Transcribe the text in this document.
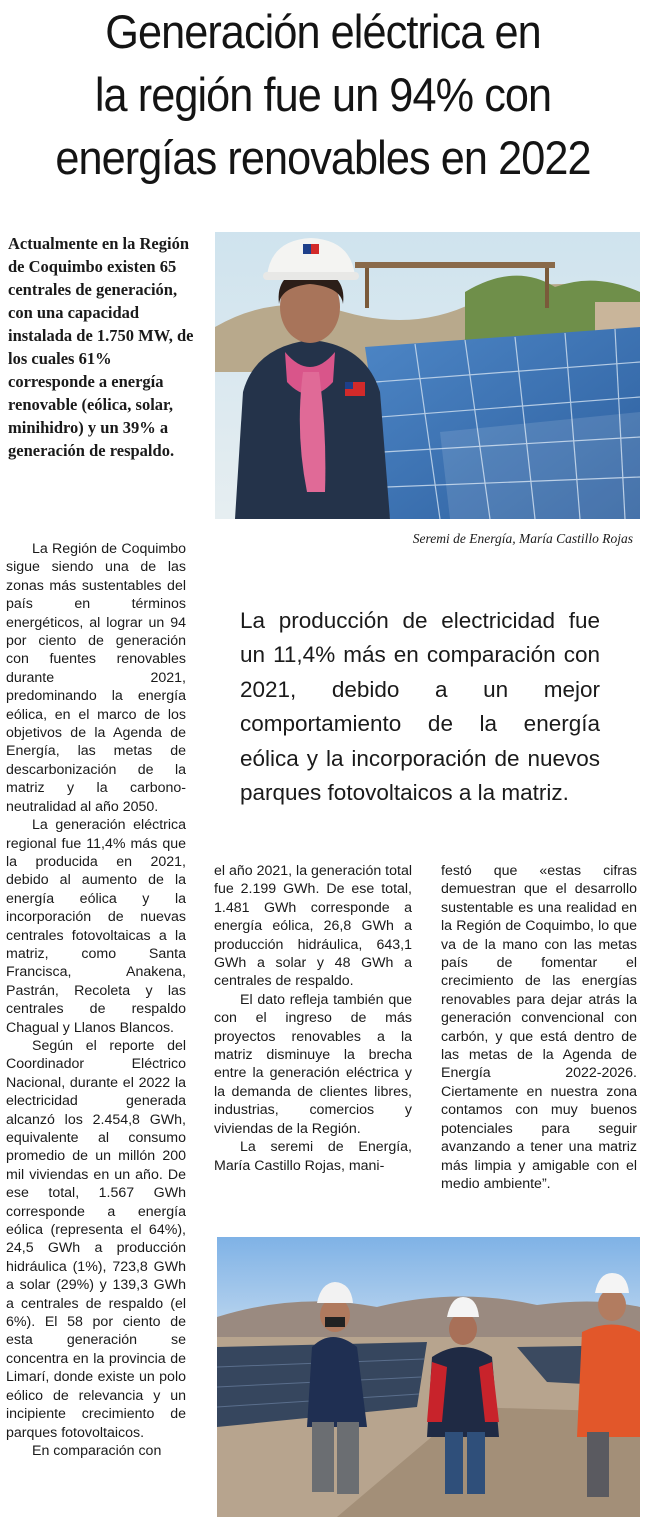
Generación eléctrica en
la región fue un 94% con
energías renovables en 2022

Actualmente en la Región de Coquimbo existen 65 centrales de generación, con una capacidad instalada de 1.750 MW, de los cuales 61% corresponde a energía renovable (eólica, solar, minihidro) y un 39% a generación de respaldo.

Seremi de Energía, María Castillo Rojas

La producción de electricidad fue un 11,4% más en comparación con 2021, debido a un mejor comportamiento de la energía eólica y la incorporación de nuevos parques fotovoltaicos a la matriz.

La Región de Coquimbo sigue siendo una de las zonas más sustentables del país en términos energéticos, al lograr un 94 por ciento de generación con fuentes renovables durante 2021, predominando la energía eólica, en el marco de los objetivos de la Agenda de Energía, las metas de descarbonización de la matriz y la carbono-neutralidad al año 2050.

La generación eléctrica regional fue 11,4% más que la producida en 2021, debido al aumento de la energía eólica y la incorporación de nuevas centrales fotovoltaicas a la matriz, como Santa Francisca, Anakena, Pastrán, Recoleta y las centrales de respaldo Chagual y Llanos Blancos.

Según el reporte del Coordinador Eléctrico Nacional, durante el 2022 la electricidad generada alcanzó los 2.454,8 GWh, equivalente al consumo promedio de un millón 200 mil viviendas en un año. De ese total, 1.567 GWh corresponde a energía eólica (representa el 64%), 24,5 GWh a producción hidráulica (1%), 723,8 GWh a solar (29%) y 139,3 GWh a centrales de respaldo (el 6%). El 58 por ciento de esta generación se concentra en la provincia de Limarí, donde existe un polo eólico de relevancia y un incipiente crecimiento de parques fotovoltaicos.

En comparación con

el año 2021, la generación total fue 2.199 GWh. De ese total, 1.481 GWh corresponde a energía eólica, 26,8 GWh a producción hidráulica, 643,1 GWh a solar y 48 GWh a centrales de respaldo.

El dato refleja también que con el ingreso de más proyectos renovables a la matriz disminuye la brecha entre la generación eléctrica y la demanda de clientes libres, industrias, comercios y viviendas de la Región.

La seremi de Energía, María Castillo Rojas, mani-

festó que «estas cifras demuestran que el desarrollo sustentable es una realidad en la Región de Coquimbo, lo que va de la mano con las metas país de fomentar el crecimiento de las energías renovables para dejar atrás la generación convencional con carbón, y que está dentro de las metas de la Agenda de Energía 2022-2026. Ciertamente en nuestra zona contamos con muy buenos potenciales para seguir avanzando a tener una matriz más limpia y amigable con el medio ambiente”.
